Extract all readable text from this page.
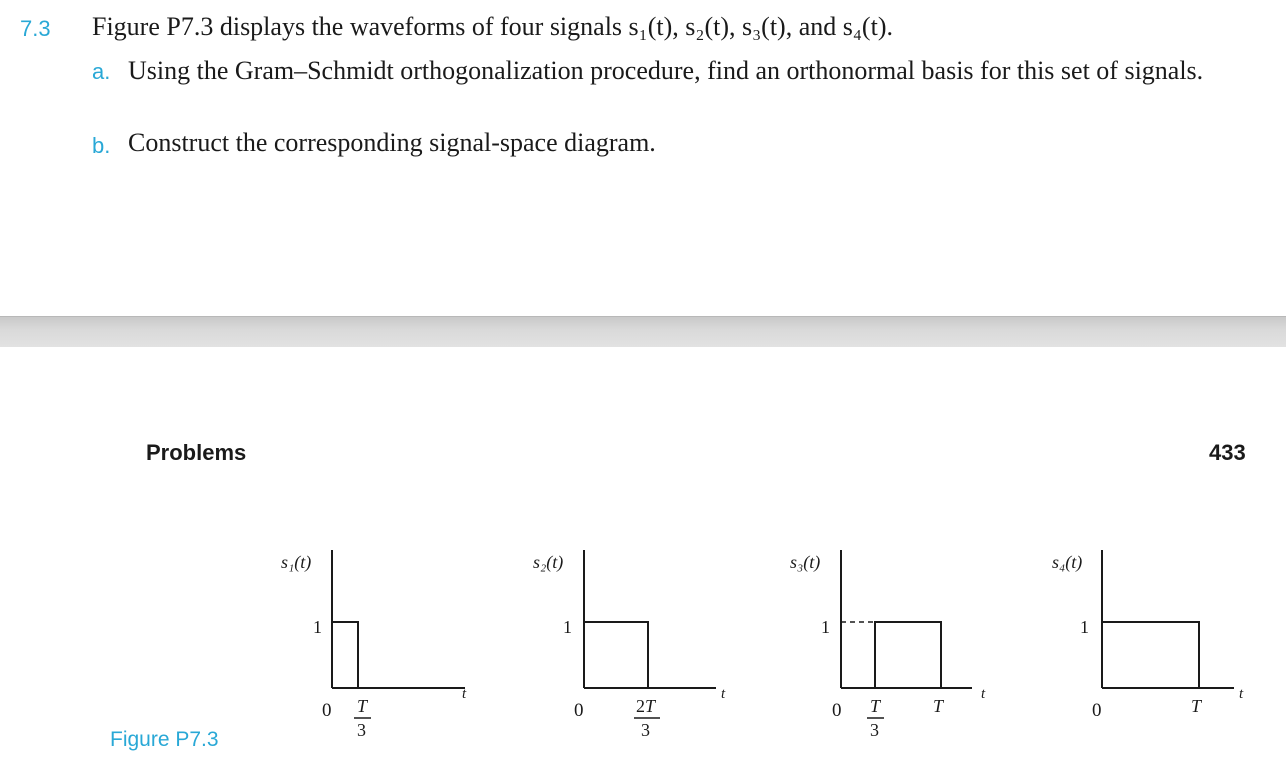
7.3 Figure P7.3 displays the waveforms of four signals s₁(t), s₂(t), s₃(t), and s₄(t).
a. Using the Gram–Schmidt orthogonalization procedure, find an orthonormal basis for this set of signals.
b. Construct the corresponding signal-space diagram.
Problems	433
s₁(t)
1
0 T
3
t
s₂(t)
1
0	2T
3
t
s₃(t)
1
0 T
3
T
t
s₄(t)
1
0	T
t
Figure P7.3
